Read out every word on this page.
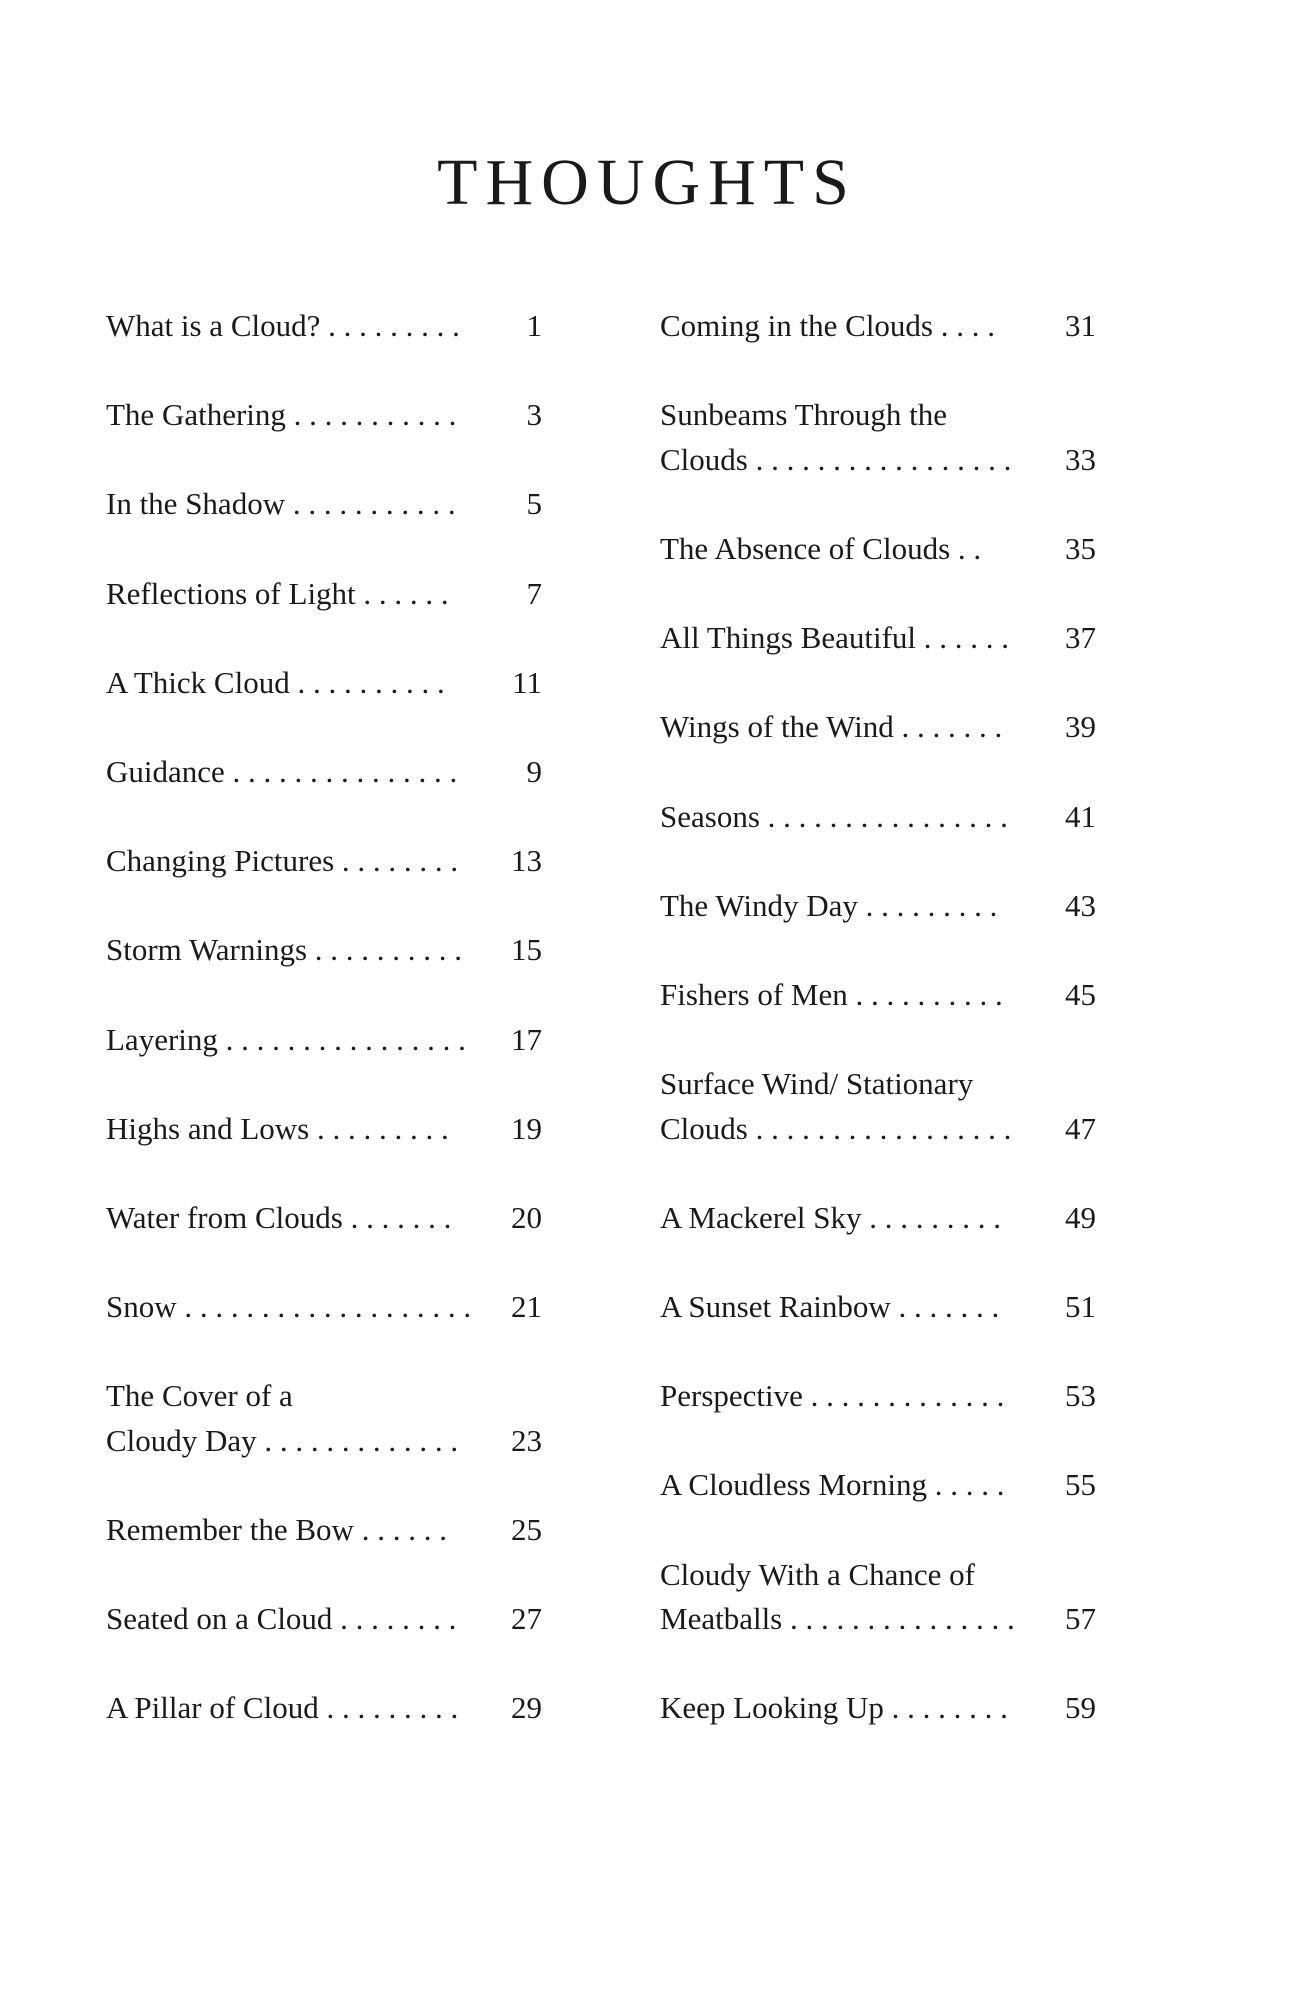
THOUGHTS
What is a Cloud? . . . . . . . . .	1
The Gathering . . . . . . . . . . .	3
In the Shadow . . . . . . . . . . .	5
Reflections of Light . . . . . .	7
A Thick Cloud . . . . . . . . . .	11
Guidance . . . . . . . . . . . . . . .	9
Changing Pictures . . . . . . . . 13
Storm Warnings . . . . . . . . . . 15
Layering . . . . . . . . . . . . . . . . 17
Highs and Lows . . . . . . . . . 19
Water from Clouds . . . . . . . 20
Snow . . . . . . . . . . . . . . . . . . . 21
The Cover of a
Cloudy Day . . . . . . . . . . . . . 23
Remember the Bow . . . . . . 25
Seated on a Cloud . . . . . . . . 27
A Pillar of Cloud . . . . . . . . . 29
Coming in the Clouds . . . . 31
Sunbeams Through the
Clouds . . . . . . . . . . . . . . . . . 33
The Absence of Clouds . .	35
All Things Beautiful . . . . . . 37
Wings of the Wind . . . . . . . 39
Seasons . . . . . . . . . . . . . . . . 41
The Windy Day . . . . . . . . . 43
Fishers of Men . . . . . . . . . . 45
Surface Wind/ Stationary
Clouds . . . . . . . . . . . . . . . . . 47
A Mackerel Sky . . . . . . . . . 49
A Sunset Rainbow . . . . . . . 51
Perspective . . . . . . . . . . . . . 53
A Cloudless Morning . . . . . 55
Cloudy With a Chance of
Meatballs . . . . . . . . . . . . . . . 57
Keep Looking Up . . . . . . . . 59
